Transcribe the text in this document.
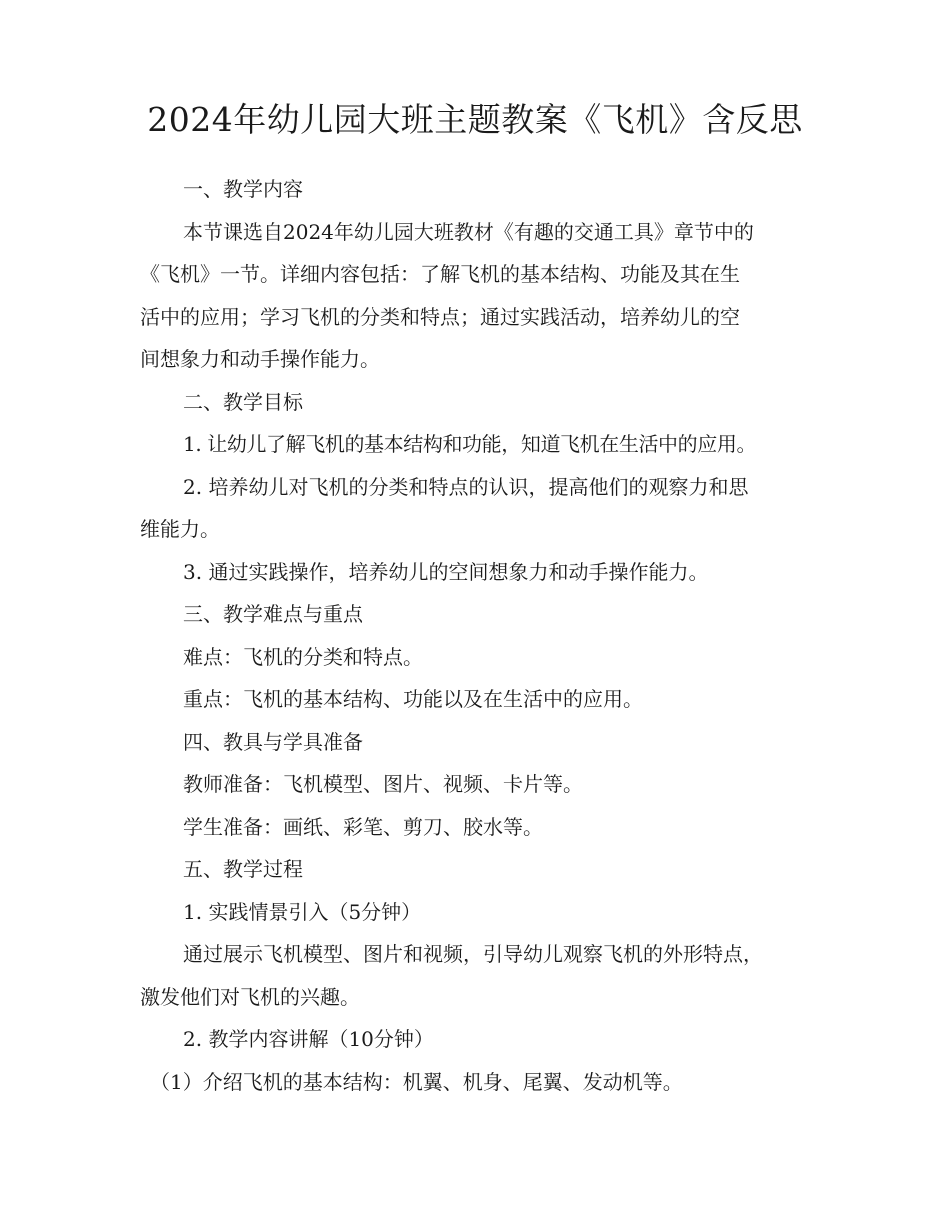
2024年幼儿园大班主题教案《飞机》含反思

一、教学内容

本节课选自2024年幼儿园大班教材《有趣的交通工具》章节中的

《飞机》一节。详细内容包括：了解飞机的基本结构、功能及其在生

活中的应用；学习飞机的分类和特点；通过实践活动，培养幼儿的空

间想象力和动手操作能力。

二、教学目标

1. 让幼儿了解飞机的基本结构和功能，知道飞机在生活中的应用。

2. 培养幼儿对飞机的分类和特点的认识，提高他们的观察力和思

维能力。

3. 通过实践操作，培养幼儿的空间想象力和动手操作能力。

三、教学难点与重点

难点：飞机的分类和特点。

重点：飞机的基本结构、功能以及在生活中的应用。

四、教具与学具准备

教师准备：飞机模型、图片、视频、卡片等。

学生准备：画纸、彩笔、剪刀、胶水等。

五、教学过程

1. 实践情景引入（5分钟）

通过展示飞机模型、图片和视频，引导幼儿观察飞机的外形特点，

激发他们对飞机的兴趣。

2. 教学内容讲解（10分钟）

（1）介绍飞机的基本结构：机翼、机身、尾翼、发动机等。
